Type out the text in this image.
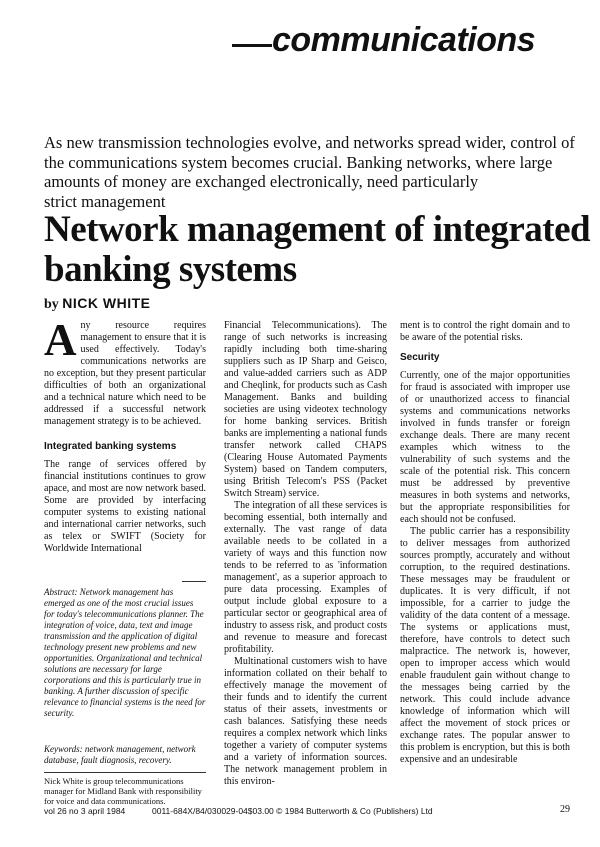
communications
As new transmission technologies evolve, and networks spread wider, control of
the communications system becomes crucial. Banking networks, where large
amounts of money are exchanged electronically, need particularly
strict management
Network management of integrated
banking systems
by NICK WHITE

Any resource requires management to ensure that it is used effectively. Today's communications networks are no exception, but they present particular difficulties of both an organizational and a technical nature which need to be addressed if a successful network management strategy is to be achieved.

Integrated banking systems

The range of services offered by financial institutions continues to grow apace, and most are now network based. Some are provided by interfacing computer systems to existing national and international carrier networks, such as telex or SWIFT (Society for Worldwide International

Abstract: Network management has emerged as one of the most crucial issues for today's telecommunications planner. The integration of voice, data, text and image transmission and the application of digital technology present new problems and new opportunities. Organizational and technical solutions are necessary for large corporations and this is particularly true in banking. A further discussion of specific relevance to financial systems is the need for security.

Keywords: network management, network database, fault diagnosis, recovery.
Nick White is group telecommunications manager for Midland Bank with responsibility for voice and data communications.

Financial Telecommunications). The range of such networks is increasing rapidly including both time-sharing suppliers such as IP Sharp and Geisco, and value-added carriers such as ADP and Cheqlink, for products such as Cash Management. Banks and building societies are using videotex technology for home banking services. British banks are implementing a national funds transfer network called CHAPS (Clearing House Automated Payments System) based on Tandem computers, using British Telecom's PSS (Packet Switch Stream) service.

The integration of all these services is becoming essential, both internally and externally. The vast range of data available needs to be collated in a variety of ways and this function now tends to be referred to as 'information management', as a superior approach to pure data processing. Examples of output include global exposure to a particular sector or geographical area of industry to assess risk, and product costs and revenue to measure and forecast profitability.

Multinational customers wish to have information collated on their behalf to effectively manage the movement of their funds and to identify the current status of their assets, investments or cash balances. Satisfying these needs requires a complex network which links together a variety of computer systems and a variety of information sources. The network management problem in this environ-

ment is to control the right domain and to be aware of the potential risks.

Security

Currently, one of the major opportunities for fraud is associated with improper use of or unauthorized access to financial systems and communications networks involved in funds transfer or foreign exchange deals. There are many recent examples which witness to the vulnerability of such systems and the scale of the potential risk. This concern must be addressed by preventive measures in both systems and networks, but the appropriate responsibilities for each should not be confused.

The public carrier has a responsibility to deliver messages from authorized sources promptly, accurately and without corruption, to the required destinations. These messages may be fraudulent or duplicates. It is very difficult, if not impossible, for a carrier to judge the validity of the data content of a message. The systems or applications must, therefore, have controls to detect such malpractice. The network is, however, open to improper access which would enable fraudulent gain without change to the messages being carried by the network. This could include advance knowledge of information which will affect the movement of stock prices or exchange rates. The popular answer to this problem is encryption, but this is both expensive and an undesirable

vol 26 no 3 april 1984	0011-684X/84/030029-04$03.00 © 1984 Butterworth & Co (Publishers) Ltd	29
